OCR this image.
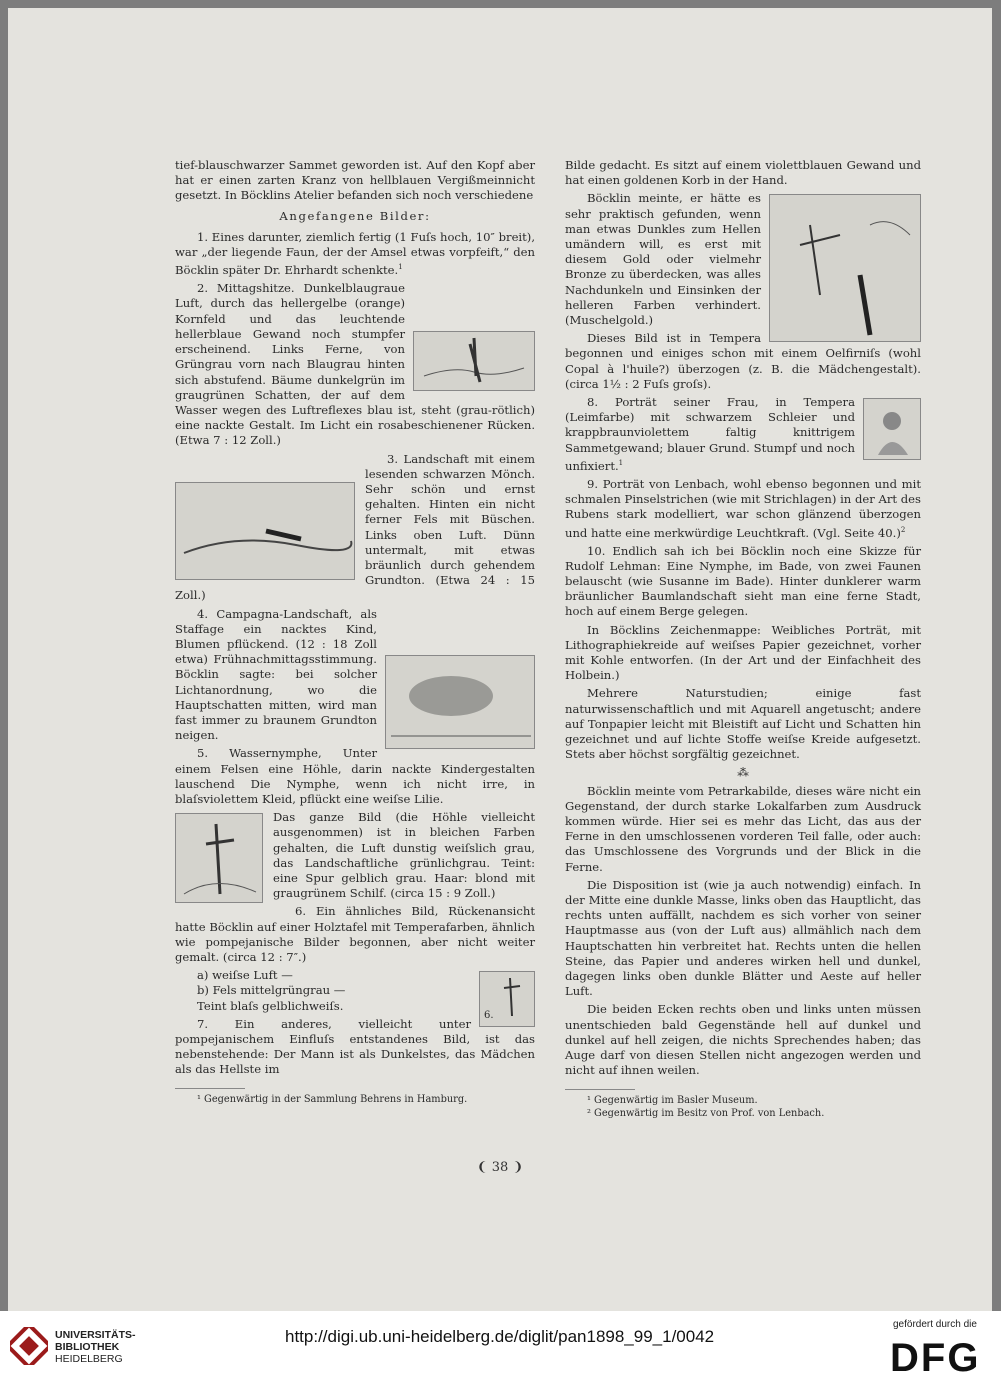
tief-blauschwarzer Sammet geworden ist. Auf den Kopf aber hat er einen zarten Kranz von hellblauen Vergißmeinnicht gesetzt. In Böcklins Atelier befanden sich noch verschiedene

Angefangene Bilder:

1. Eines darunter, ziemlich fertig (1 Fuſs hoch, 10″ breit), war „der liegende Faun, der der Amsel etwas vorpfeift,“ den Böcklin später Dr. Ehrhardt schenkte.$^1$

2. Mittagshitze. Dunkelblaugraue Luft, durch das hellergelbe (orange) Kornfeld und das leuchtende hellerblaue Gewand noch stumpfer erscheinend. Links Ferne, von Grüngrau vorn nach Blaugrau hinten sich abstufend. Bäume dunkelgrün im graugrünen Schatten, der auf dem Wasser wegen des Luftreflexes blau ist, steht (grau-rötlich) eine nackte Gestalt. Im Licht ein rosabeschienener Rücken. (Etwa 7 : 12 Zoll.)

3. Landschaft mit einem lesenden schwarzen Mönch. Sehr schön und ernst gehalten. Hinten ein nicht ferner Fels mit Büschen. Links oben Luft. Dünn untermalt, mit etwas bräunlich durch gehendem Grundton. (Etwa 24 : 15 Zoll.)

4. Campagna-Landschaft, als Staffage ein nacktes Kind, Blumen pflückend. (12 : 18 Zoll etwa) Frühnachmittagsstimmung. Böcklin sagte: bei solcher Lichtanordnung, wo die Hauptschatten mitten, wird man fast immer zu braunem Grundton neigen.

5. Wassernymphe, Unter einem Felsen eine Höhle, darin nackte Kindergestalten lauschend Die Nymphe, wenn ich nicht irre, in blaſsviolettem Kleid, pflückt eine weiſse Lilie.

Das ganze Bild (die Höhle vielleicht ausgenommen) ist in bleichen Farben gehalten, die Luft dunstig weiſslich grau, das Landschaftliche grünlichgrau. Teint: eine Spur gelblich grau. Haar: blond mit graugrünem Schilf. (circa 15 : 9 Zoll.)

6. Ein ähnliches Bild, Rückenansicht hatte Böcklin auf einer Holztafel mit Temperafarben, ähnlich wie pompejanische Bilder begonnen, aber nicht weiter gemalt. (circa 12 : 7″.)

6.

a) weiſse Luft —

b) Fels mittelgrüngrau —

Teint blaſs gelblichweiſs.

7. Ein anderes, vielleicht unter pompejanischem Einfluſs entstandenes Bild, ist das nebenstehende: Der Mann ist als Dunkelstes, das Mädchen als das Hellste im

¹ Gegenwärtig in der Sammlung Behrens in Hamburg.

Bilde gedacht. Es sitzt auf einem violettblauen Gewand und hat einen goldenen Korb in der Hand.

Böcklin meinte, er hätte es sehr praktisch gefunden, wenn man etwas Dunkles zum Hellen umändern will, es erst mit diesem Gold oder vielmehr Bronze zu überdecken, was alles Nachdunkeln und Einsinken der helleren Farben verhindert. (Muschelgold.)

Dieses Bild ist in Tempera begonnen und einiges schon mit einem Oelfirniſs (wohl Copal à l'huile?) überzogen (z. B. die Mädchengestalt). (circa 1½ : 2 Fuſs groſs).

8. Porträt seiner Frau, in Tempera (Leimfarbe) mit schwarzem Schleier und krappbraunviolettem faltig knittrigem Sammetgewand; blauer Grund. Stumpf und noch unfixiert.$^1$

9. Porträt von Lenbach, wohl ebenso begonnen und mit schmalen Pinselstrichen (wie mit Strichlagen) in der Art des Rubens stark modelliert, war schon glänzend überzogen und hatte eine merkwürdige Leuchtkraft. (Vgl. Seite 40.)$^2$

10. Endlich sah ich bei Böcklin noch eine Skizze für Rudolf Lehman: Eine Nymphe, im Bade, von zwei Faunen belauscht (wie Susanne im Bade). Hinter dunklerer warm bräunlicher Baumlandschaft sieht man eine ferne Stadt, hoch auf einem Berge gelegen.

In Böcklins Zeichenmappe: Weibliches Porträt, mit Lithographiekreide auf weiſses Papier gezeichnet, vorher mit Kohle entworfen. (In der Art und der Einfachheit des Holbein.)

Mehrere Naturstudien; einige fast naturwissenschaftlich und mit Aquarell angetuscht; andere auf Tonpapier leicht mit Bleistift auf Licht und Schatten hin gezeichnet und auf lichte Stoffe weiſse Kreide aufgesetzt. Stets aber höchst sorgfältig gezeichnet.

⁂

Böcklin meinte vom Petrarkabilde, dieses wäre nicht ein Gegenstand, der durch starke Lokalfarben zum Ausdruck kommen würde. Hier sei es mehr das Licht, das aus der Ferne in den umschlossenen vorderen Teil falle, oder auch: das Umschlossene des Vorgrunds und der Blick in die Ferne.

Die Disposition ist (wie ja auch notwendig) einfach. In der Mitte eine dunkle Masse, links oben das Hauptlicht, das rechts unten auffällt, nachdem es sich vorher von seiner Hauptmasse aus (von der Luft aus) allmählich nach dem Hauptschatten hin verbreitet hat. Rechts unten die hellen Steine, das Papier und anderes wirken hell und dunkel, dagegen links oben dunkle Blätter und Aeste auf heller Luft.

Die beiden Ecken rechts oben und links unten müssen unentschieden bald Gegenstände hell auf dunkel und dunkel auf hell zeigen, die nichts Sprechendes haben; das Auge darf von diesen Stellen nicht angezogen werden und nicht auf ihnen weilen.

¹ Gegenwärtig im Basler Museum.

² Gegenwärtig im Besitz von Prof. von Lenbach.

❨ 38 ❩
UNIVERSITÄTS-
BIBLIOTHEK
HEIDELBERG
http://digi.ub.uni-heidelberg.de/diglit/pan1898_99_1/0042
gefördert durch die
DFG
